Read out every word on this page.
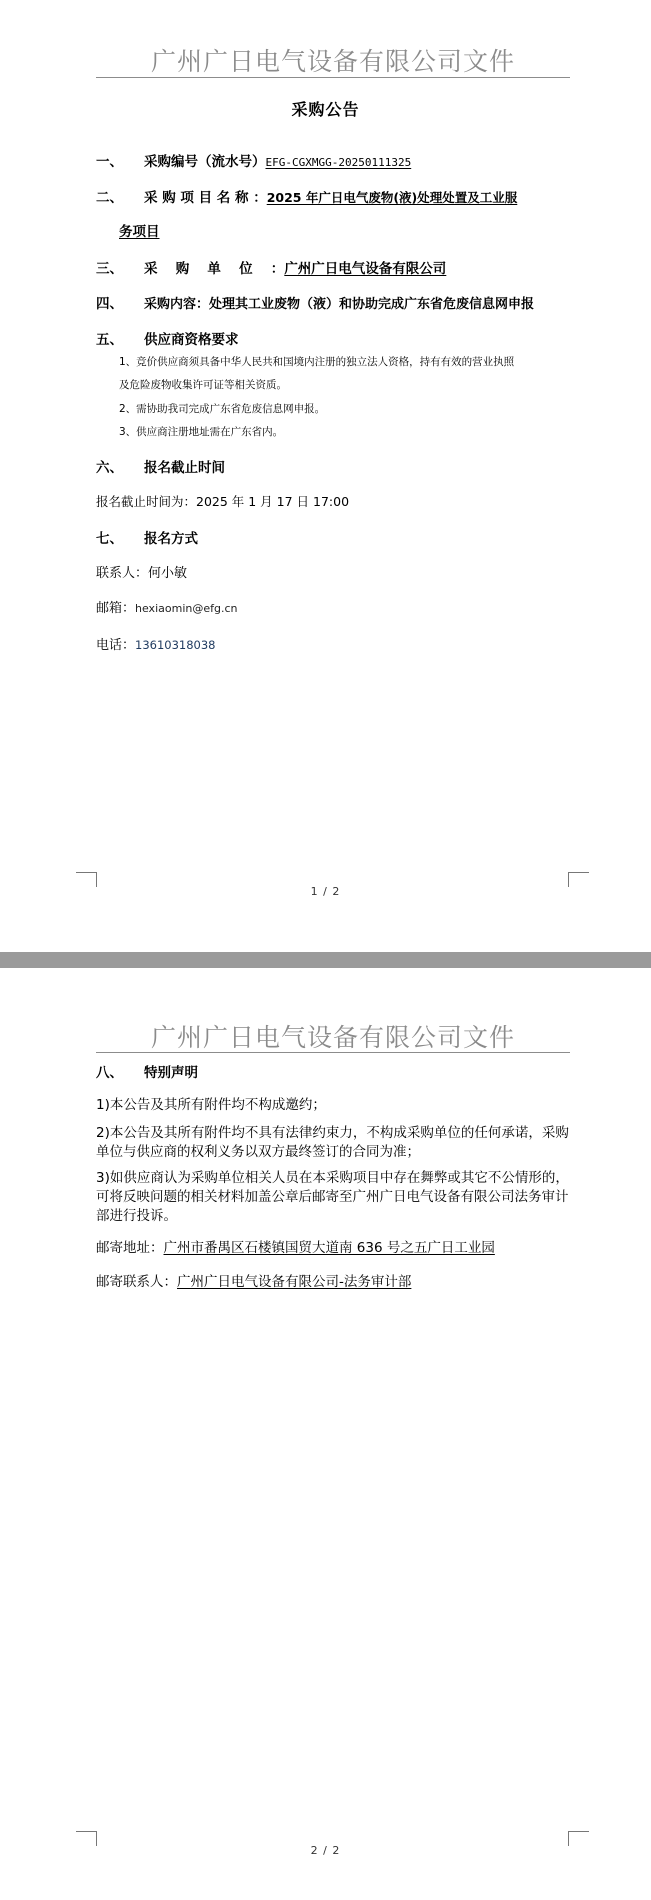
广州广日电气设备有限公司文件
采购公告
一、 采购编号（流水号）EFG-CGXMGG-20250111325
二、 采 购 项 目 名 称 ：2025 年广日电气废物(液)处理处置及工业服
务项目
三、 采　 购　 单　 位　 ：广州广日电气设备有限公司
四、 采购内容：处理其工业废物（液）和协助完成广东省危废信息网申报
五、 供应商资格要求
1、竞价供应商须具备中华人民共和国境内注册的独立法人资格，持有有效的营业执照
及危险废物收集许可证等相关资质。
2、需协助我司完成广东省危废信息网申报。
3、供应商注册地址需在广东省内。
六、 报名截止时间
报名截止时间为：2025 年 1 月 17 日 17:00
七、 报名方式
联系人：何小敏
邮箱：hexiaomin@efg.cn
电话：13610318038
1 / 2
广州广日电气设备有限公司文件
八、 特别声明
1)本公告及其所有附件均不构成邀约；
2)本公告及其所有附件均不具有法律约束力，不构成采购单位的任何承诺，采购单位与供应商的权利义务以双方最终签订的合同为准；
3)如供应商认为采购单位相关人员在本采购项目中存在舞弊或其它不公情形的，可将反映问题的相关材料加盖公章后邮寄至广州广日电气设备有限公司法务审计部进行投诉。
邮寄地址：广州市番禺区石楼镇国贸大道南 636 号之五广日工业园
邮寄联系人：广州广日电气设备有限公司-法务审计部
2 / 2
